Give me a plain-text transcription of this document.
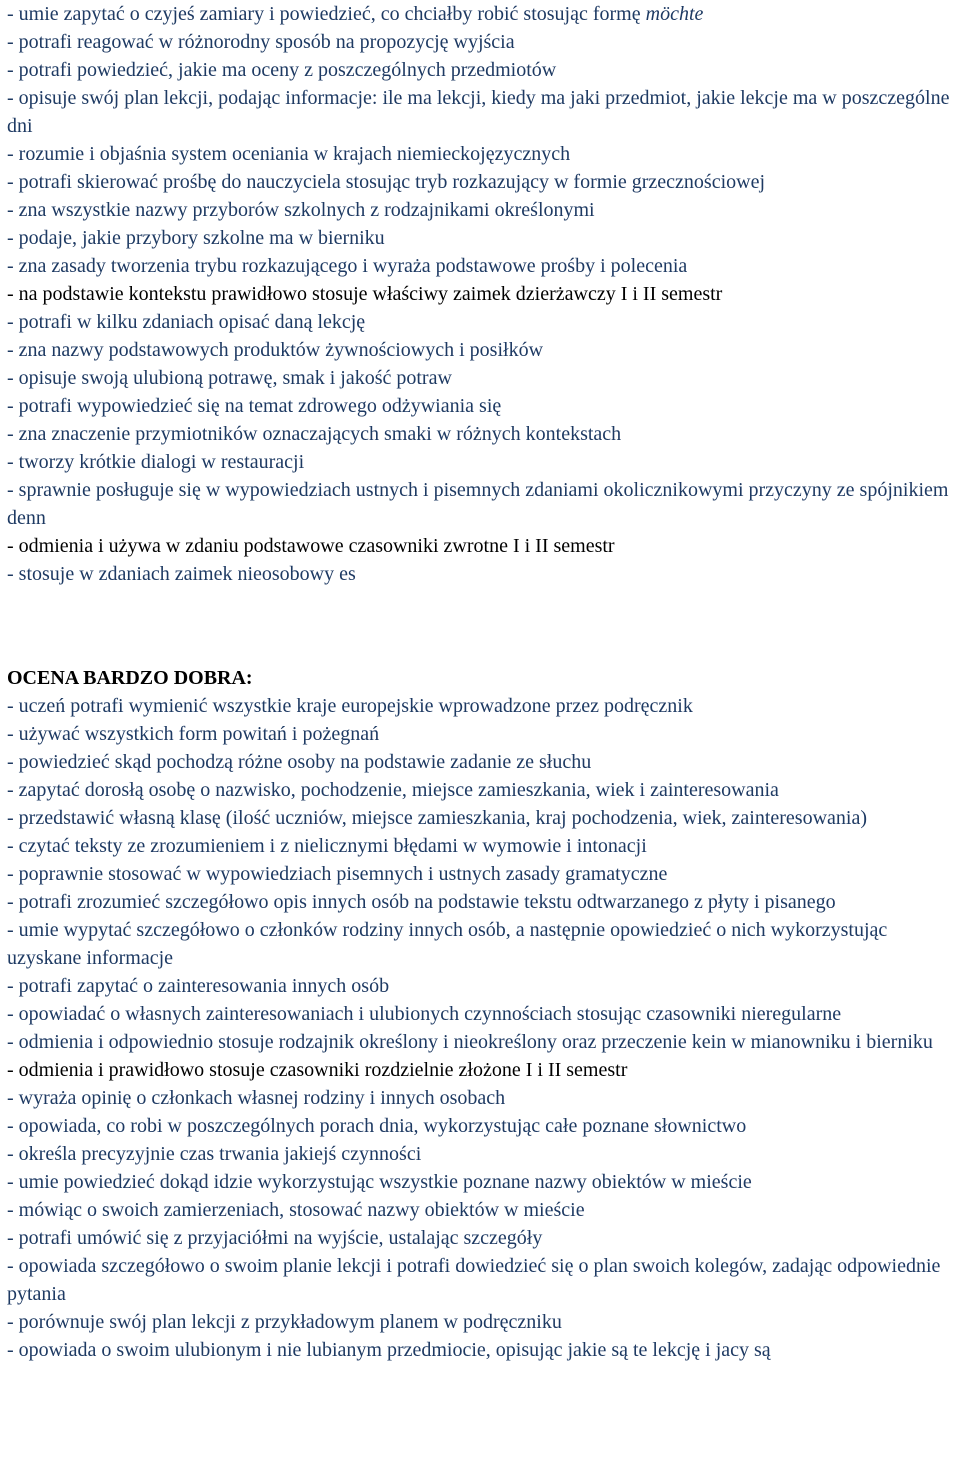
- umie zapytać o czyjeś zamiary i powiedzieć, co chciałby robić stosując formę möchte

- potrafi reagować w różnorodny sposób na propozycję wyjścia

- potrafi powiedzieć, jakie ma oceny z poszczególnych przedmiotów

- opisuje swój plan lekcji, podając informacje: ile ma lekcji, kiedy ma jaki przedmiot, jakie lekcje ma w poszczególne dni

- rozumie i objaśnia system oceniania w krajach niemieckojęzycznych

- potrafi skierować prośbę do nauczyciela stosując tryb rozkazujący w formie grzecznościowej

- zna wszystkie nazwy przyborów szkolnych z rodzajnikami określonymi

- podaje, jakie przybory szkolne ma w bierniku

- zna zasady tworzenia trybu rozkazującego i wyraża podstawowe prośby i polecenia

- na podstawie kontekstu prawidłowo stosuje właściwy zaimek dzierżawczy I i II semestr

- potrafi w kilku zdaniach opisać daną lekcję

- zna nazwy podstawowych produktów żywnościowych i posiłków

- opisuje swoją ulubioną potrawę, smak i jakość potraw

- potrafi wypowiedzieć się na temat zdrowego odżywiania się

- zna znaczenie przymiotników oznaczających smaki w różnych kontekstach

- tworzy krótkie dialogi w restauracji

- sprawnie posługuje się w wypowiedziach ustnych i pisemnych zdaniami okolicznikowymi przyczyny ze spójnikiem denn

- odmienia i używa w zdaniu podstawowe czasowniki zwrotne I i II semestr

- stosuje w zdaniach zaimek nieosobowy es

OCENA BARDZO DOBRA:

- uczeń potrafi wymienić wszystkie kraje europejskie wprowadzone przez podręcznik

- używać wszystkich form powitań i pożegnań

- powiedzieć skąd pochodzą różne osoby na podstawie zadanie ze słuchu

- zapytać dorosłą osobę o nazwisko, pochodzenie, miejsce zamieszkania, wiek i zainteresowania

- przedstawić własną klasę (ilość uczniów, miejsce zamieszkania, kraj pochodzenia, wiek, zainteresowania)

- czytać teksty ze zrozumieniem i z nielicznymi błędami w wymowie i intonacji

- poprawnie stosować w wypowiedziach pisemnych i ustnych zasady gramatyczne

- potrafi zrozumieć szczegółowo opis innych osób na podstawie tekstu odtwarzanego z płyty i pisanego

- umie wypytać szczegółowo o członków rodziny innych osób, a następnie opowiedzieć o nich wykorzystując uzyskane informacje

- potrafi zapytać o zainteresowania innych osób

- opowiadać o własnych zainteresowaniach i ulubionych czynnościach stosując czasowniki nieregularne

- odmienia i odpowiednio stosuje rodzajnik określony i nieokreślony oraz przeczenie kein w mianowniku i bierniku

- odmienia i prawidłowo stosuje czasowniki rozdzielnie złożone I i II semestr

- wyraża opinię o członkach własnej rodziny i innych osobach

- opowiada, co robi w poszczególnych porach dnia, wykorzystując całe poznane słownictwo

- określa precyzyjnie czas trwania jakiejś czynności

- umie powiedzieć dokąd idzie wykorzystując wszystkie poznane nazwy obiektów w mieście

- mówiąc o swoich zamierzeniach, stosować nazwy obiektów w mieście

- potrafi umówić się z przyjaciółmi na wyjście, ustalając szczegóły

- opowiada szczegółowo o swoim planie lekcji i potrafi dowiedzieć się o plan swoich kolegów, zadając odpowiednie pytania

- porównuje swój plan lekcji z przykładowym planem w podręczniku

- opowiada o swoim ulubionym i nie lubianym przedmiocie, opisując jakie są te lekcję i jacy są
